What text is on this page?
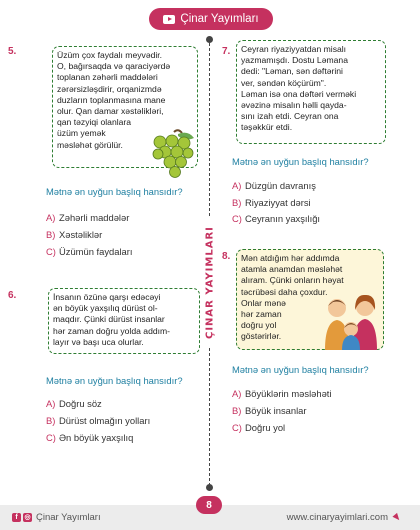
Çinar Yayımları
ÇINAR YAYIMLARI
5.	Üzüm çox faydalı meyvədir.
O, bağırsaqda və qaraciyərdə
toplanan zəhərli maddələri
zərərsizləşdirir, orqanizmdə
duzların toplanmasına mane
olur. Qan damar xəstəlikləri,
qan təzyiqi olanlara
üzüm yemək
məsləhət görülür.
Mətnə ən uyğun başlıq hansıdır?
A) Zəhərli maddələr
B) Xəstəliklər
C) Üzümün faydaları
6.	İnsanın özünə qarşı edəcəyi
ən böyük yaxşılıq dürüst ol-
maqdır. Çünki dürüst insanlar
hər zaman doğru yolda addım-
layır və başı uca olurlar.
Mətnə ən uyğun başlıq hansıdır?
A) Doğru söz
B) Dürüst olmağın yolları
C) Ən böyük yaxşılıq
7.	Ceyran riyaziyyatdan misalı
yazmamışdı. Dostu Ləmana
dedi: "Ləman, sən dəftərini
ver, səndən köçürüm".
Ləman isə ona dəftəri verməki
əvəzinə misalın həlli qayda-
sını izah etdi. Ceyran ona
təşəkkür etdi.
Mətnə ən uyğun başlıq hansıdır?
A) Düzgün davranış
B) Riyaziyyat dərsi
C) Ceyranın yaxşılığı
8.	Mən atdığım hər addımda
atamla anamdan məsləhət
alıram. Çünki onların həyat
təcrübəsi daha çoxdur.
Onlar mənə
hər zaman
doğru yol
göstərirlər.
Mətnə ən uyğun başlıq hansıdır?
A) Böyüklərin məsləhəti
B) Böyük insanlar
C) Doğru yol
f ◎ Çinar Yayımları	www.cinaryayimlari.com
8
